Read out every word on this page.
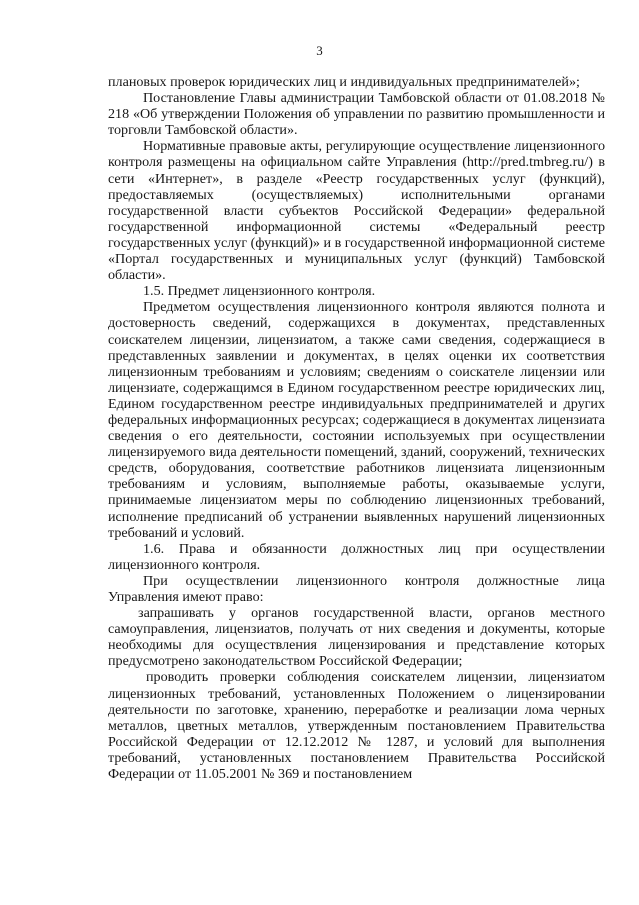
3

плановых проверок юридических лиц и индивидуальных предпринимателей»;

Постановление Главы администрации Тамбовской области от 01.08.2018 № 218 «Об утверждении Положения об управлении по развитию промышленности и торговли Тамбовской области».

Нормативные правовые акты, регулирующие осуществление лицензионного контроля размещены на официальном сайте Управления (http://pred.tmbreg.ru/) в сети «Интернет», в разделе «Реестр государственных услуг (функций), предоставляемых (осуществляемых) исполнительными органами государственной власти субъектов Российской Федерации» федеральной государственной информационной системы «Федеральный реестр государственных услуг (функций)» и в государственной информационной системе «Портал государственных и муниципальных услуг (функций) Тамбовской области».

1.5. Предмет лицензионного контроля.

Предметом осуществления лицензионного контроля являются полнота и достоверность сведений, содержащихся в документах, представленных соискателем лицензии, лицензиатом, а также сами сведения, содержащиеся в представленных заявлении и документах, в целях оценки их соответствия лицензионным требованиям и условиям; сведениям о соискателе лицензии или лицензиате, содержащимся в Едином государственном реестре юридических лиц, Едином государственном реестре индивидуальных предпринимателей и других федеральных информационных ресурсах; содержащиеся в документах лицензиата сведения о его деятельности, состоянии используемых при осуществлении лицензируемого вида деятельности помещений, зданий, сооружений, технических средств, оборудования, соответствие работников лицензиата лицензионным требованиям и условиям, выполняемые работы, оказываемые услуги, принимаемые лицензиатом меры по соблюдению лицензионных требований, исполнение предписаний об устранении выявленных нарушений лицензионных требований и условий.

1.6. Права и обязанности должностных лиц при осуществлении лицензионного контроля.

При осуществлении лицензионного контроля должностные лица Управления имеют право:

запрашивать у органов государственной власти, органов местного самоуправления, лицензиатов, получать от них сведения и документы, которые необходимы для осуществления лицензирования и представление которых предусмотрено законодательством Российской Федерации;

проводить проверки соблюдения соискателем лицензии, лицензиатом лицензионных требований, установленных Положением о лицензировании деятельности по заготовке, хранению, переработке и реализации лома черных металлов, цветных металлов, утвержденным постановлением Правительства Российской Федерации от 12.12.2012 № 1287, и условий для выполнения требований, установленных постановлением Правительства Российской Федерации от 11.05.2001 № 369 и постановлением
